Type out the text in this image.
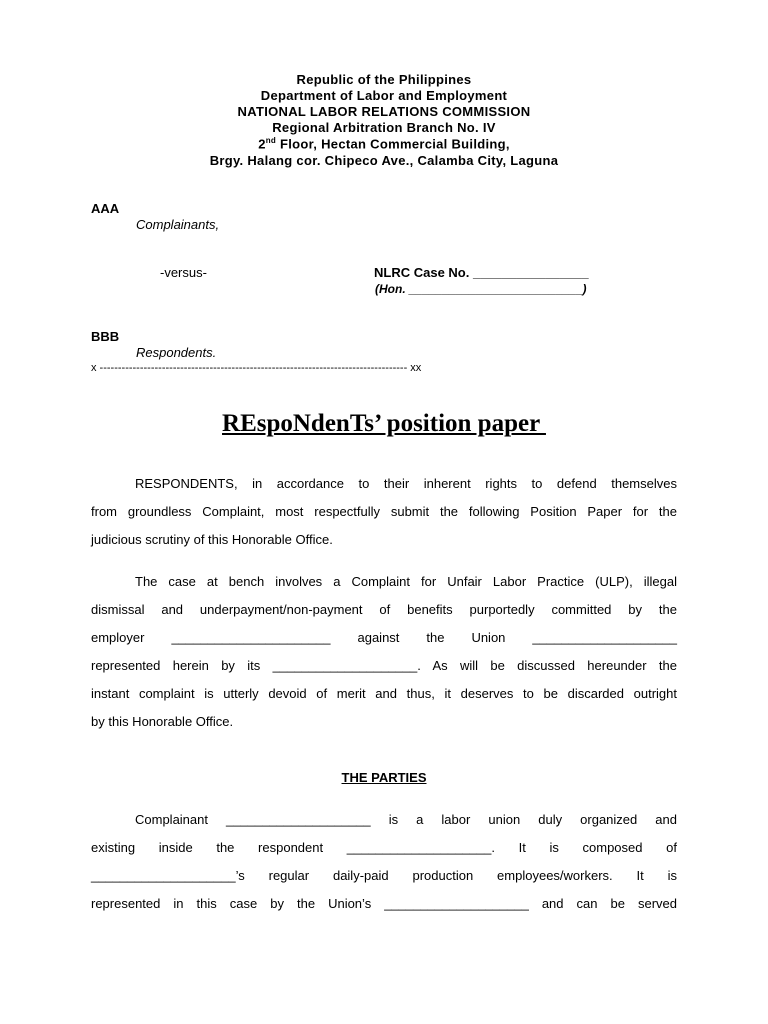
Republic of the Philippines
Department of Labor and Employment
NATIONAL LABOR RELATIONS COMMISSION
Regional Arbitration Branch No. IV
2nd Floor, Hectan Commercial Building,
Brgy. Halang cor. Chipeco Ave., Calamba City, Laguna
AAA
Complainants,
-versus-	NLRC Case No. ________________
(Hon. __________________________)
BBB
Respondents.
x ------------------------------------------------------------------------------------ xx
REspoNdenTs’ position paper
RESPONDENTS, in accordance to their inherent rights to defend themselves
from groundless Complaint, most respectfully submit the following Position Paper for the
judicious scrutiny of this Honorable Office.
The case at bench involves a Complaint for Unfair Labor Practice (ULP), illegal
dismissal and underpayment/non-payment of benefits purportedly committed by the
employer ______________________ against the Union ____________________
represented herein by its ____________________. As will be discussed hereunder the
instant complaint is utterly devoid of merit and thus, it deserves to be discarded outright
by this Honorable Office.
THE PARTIES
Complainant ____________________ is a labor union duly organized and
existing inside the respondent ____________________. It is composed of
____________________’s regular daily-paid production employees/workers. It is
represented in this case by the Union’s ____________________ and can be served
